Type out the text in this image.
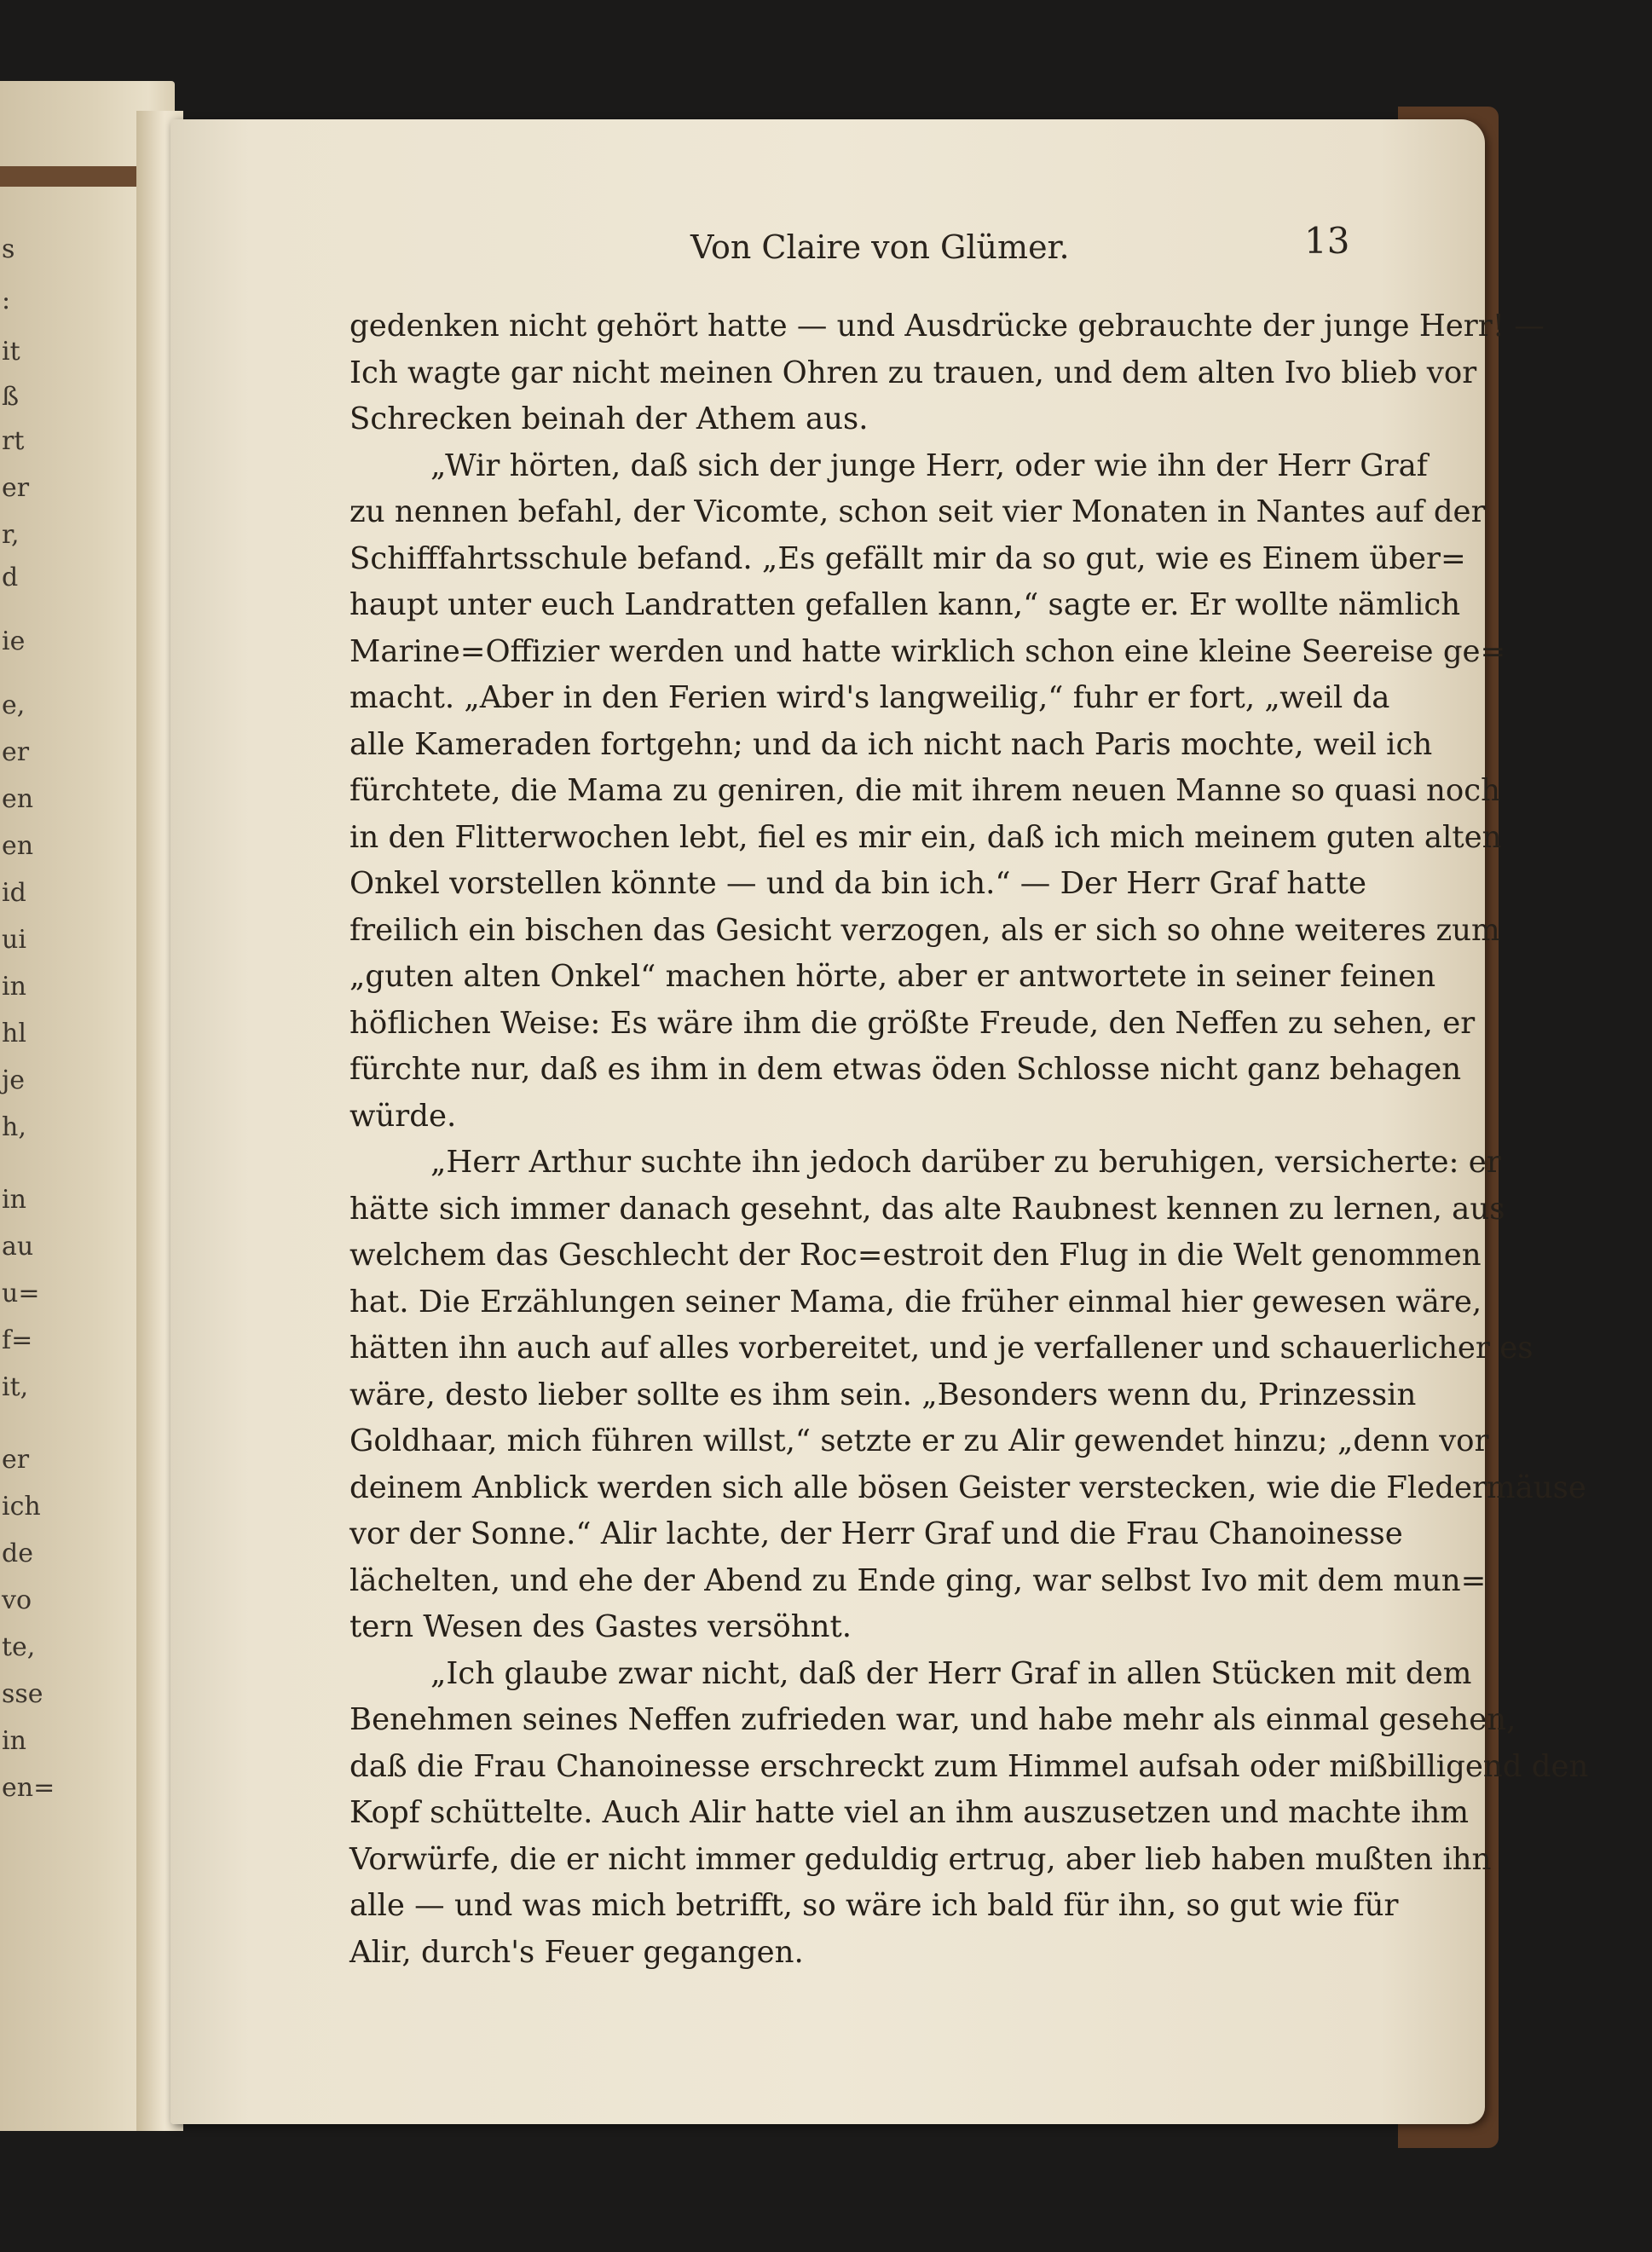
s
:
it
ß
rt
er
r,
d
ie
e,
er
en
en
id
ui
in
hl
je
h,
in
au
u=
f=
it,
er
ich
de
vo
te,
sse
in
en=
Von Claire von Glümer.	13
gedenken nicht gehört hatte — und Ausdrücke gebrauchte der junge Herr! —
Ich wagte gar nicht meinen Ohren zu trauen, und dem alten Ivo blieb vor
Schrecken beinah der Athem aus.
„Wir hörten, daß sich der junge Herr, oder wie ihn der Herr Graf
zu nennen befahl, der Vicomte, schon seit vier Monaten in Nantes auf der
Schifffahrtsschule befand. „Es gefällt mir da so gut, wie es Einem über=
haupt unter euch Landratten gefallen kann,“ sagte er. Er wollte nämlich
Marine=Offizier werden und hatte wirklich schon eine kleine Seereise ge=
macht. „Aber in den Ferien wird's langweilig,“ fuhr er fort, „weil da
alle Kameraden fortgehn; und da ich nicht nach Paris mochte, weil ich
fürchtete, die Mama zu geniren, die mit ihrem neuen Manne so quasi noch
in den Flitterwochen lebt, fiel es mir ein, daß ich mich meinem guten alten
Onkel vorstellen könnte — und da bin ich.“ — Der Herr Graf hatte
freilich ein bischen das Gesicht verzogen, als er sich so ohne weiteres zum
„guten alten Onkel“ machen hörte, aber er antwortete in seiner feinen
höflichen Weise: Es wäre ihm die größte Freude, den Neffen zu sehen, er
fürchte nur, daß es ihm in dem etwas öden Schlosse nicht ganz behagen
würde.
„Herr Arthur suchte ihn jedoch darüber zu beruhigen, versicherte: er
hätte sich immer danach gesehnt, das alte Raubnest kennen zu lernen, aus
welchem das Geschlecht der Roc=estroit den Flug in die Welt genommen
hat. Die Erzählungen seiner Mama, die früher einmal hier gewesen wäre,
hätten ihn auch auf alles vorbereitet, und je verfallener und schauerlicher es
wäre, desto lieber sollte es ihm sein. „Besonders wenn du, Prinzessin
Goldhaar, mich führen willst,“ setzte er zu Alir gewendet hinzu; „denn vor
deinem Anblick werden sich alle bösen Geister verstecken, wie die Fledermäuse
vor der Sonne.“ Alir lachte, der Herr Graf und die Frau Chanoinesse
lächelten, und ehe der Abend zu Ende ging, war selbst Ivo mit dem mun=
tern Wesen des Gastes versöhnt.
„Ich glaube zwar nicht, daß der Herr Graf in allen Stücken mit dem
Benehmen seines Neffen zufrieden war, und habe mehr als einmal gesehen,
daß die Frau Chanoinesse erschreckt zum Himmel aufsah oder mißbilligend den
Kopf schüttelte. Auch Alir hatte viel an ihm auszusetzen und machte ihm
Vorwürfe, die er nicht immer geduldig ertrug, aber lieb haben mußten ihn
alle — und was mich betrifft, so wäre ich bald für ihn, so gut wie für
Alir, durch's Feuer gegangen.
